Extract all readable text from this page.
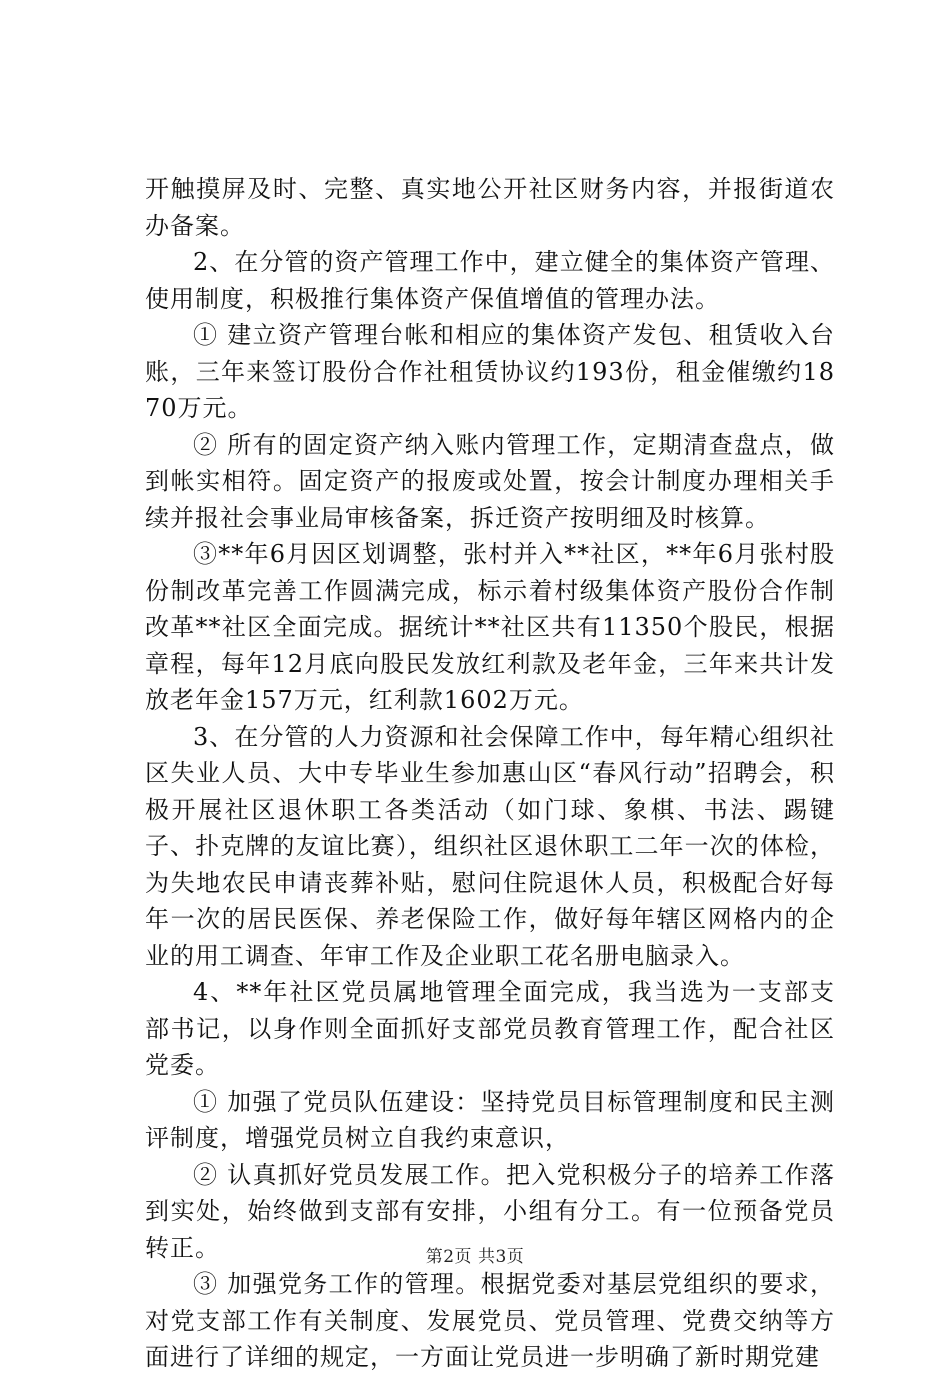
开触摸屏及时、完整、真实地公开社区财务内容，并报街道农办备案。

2、在分管的资产管理工作中，建立健全的集体资产管理、使用制度，积极推行集体资产保值增值的管理办法。

① 建立资产管理台帐和相应的集体资产发包、租赁收入台账，三年来签订股份合作社租赁协议约193份，租金催缴约1870万元。

② 所有的固定资产纳入账内管理工作，定期清查盘点，做到帐实相符。固定资产的报废或处置，按会计制度办理相关手续并报社会事业局审核备案，拆迁资产按明细及时核算。

③**年6月因区划调整，张村并入**社区，**年6月张村股份制改革完善工作圆满完成，标示着村级集体资产股份合作制改革**社区全面完成。据统计**社区共有11350个股民，根据章程，每年12月底向股民发放红利款及老年金，三年来共计发放老年金157万元，红利款1602万元。

3、在分管的人力资源和社会保障工作中，每年精心组织社区失业人员、大中专毕业生参加惠山区“春风行动”招聘会，积极开展社区退休职工各类活动（如门球、象棋、书法、踢键子、扑克牌的友谊比赛），组织社区退休职工二年一次的体检，为失地农民申请丧葬补贴，慰问住院退休人员，积极配合好每年一次的居民医保、养老保险工作，做好每年辖区网格内的企业的用工调查、年审工作及企业职工花名册电脑录入。

4、**年社区党员属地管理全面完成，我当选为一支部支部书记，以身作则全面抓好支部党员教育管理工作，配合社区党委。

① 加强了党员队伍建设：坚持党员目标管理制度和民主测评制度，增强党员树立自我约束意识，

② 认真抓好党员发展工作。把入党积极分子的培养工作落到实处，始终做到支部有安排，小组有分工。有一位预备党员转正。

③ 加强党务工作的管理。根据党委对基层党组织的要求，对党支部工作有关制度、发展党员、党员管理、党费交纳等方面进行了详细的规定，一方面让党员进一步明确了新时期党建

第2页 共3页
